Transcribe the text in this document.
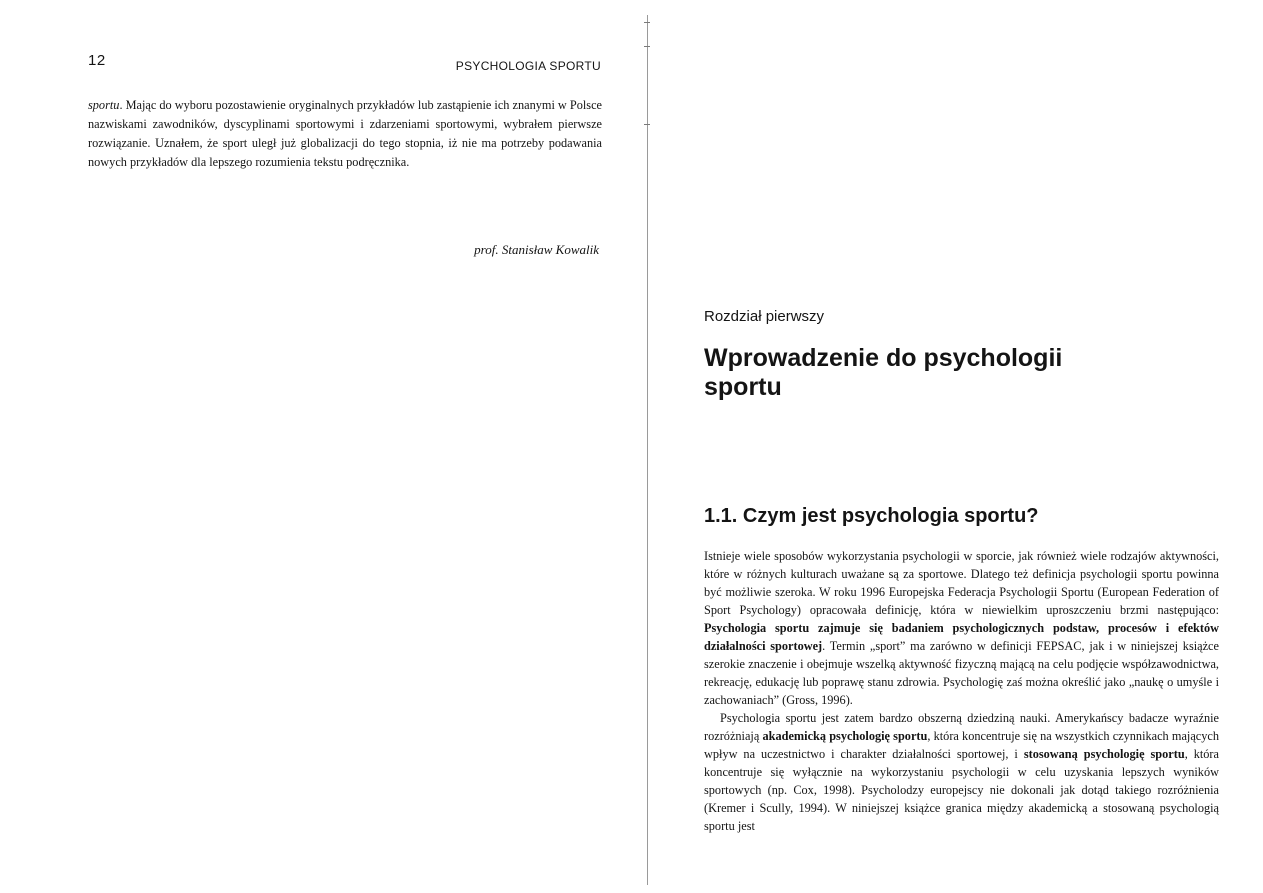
12	PSYCHOLOGIA SPORTU

sportu. Mając do wyboru pozostawienie oryginalnych przykładów lub zastąpienie ich znanymi w Polsce nazwiskami zawodników, dyscyplinami sportowymi i zdarzeniami sportowymi, wybrałem pierwsze rozwiązanie. Uznałem, że sport uległ już globalizacji do tego stopnia, iż nie ma potrzeby podawania nowych przykładów dla lepszego rozumienia tekstu podręcznika.

prof. Stanisław Kowalik
Rozdział pierwszy
Wprowadzenie do psychologii sportu
1.1. Czym jest psychologia sportu?

Istnieje wiele sposobów wykorzystania psychologii w sporcie, jak również wiele rodzajów aktywności, które w różnych kulturach uważane są za sportowe. Dlatego też definicja psychologii sportu powinna być możliwie szeroka. W roku 1996 Europejska Federacja Psychologii Sportu (European Federation of Sport Psychology) opracowała definicję, która w niewielkim uproszczeniu brzmi następująco: Psychologia sportu zajmuje się badaniem psychologicznych podstaw, procesów i efektów działalności sportowej. Termin „sport” ma zarówno w definicji FEPSAC, jak i w niniejszej książce szerokie znaczenie i obejmuje wszelką aktywność fizyczną mającą na celu podjęcie współzawodnictwa, rekreację, edukację lub poprawę stanu zdrowia. Psychologię zaś można określić jako „naukę o umyśle i zachowaniach” (Gross, 1996).

Psychologia sportu jest zatem bardzo obszerną dziedziną nauki. Amerykańscy badacze wyraźnie rozróżniają akademicką psychologię sportu, która koncentruje się na wszystkich czynnikach mających wpływ na uczestnictwo i charakter działalności sportowej, i stosowaną psychologię sportu, która koncentruje się wyłącznie na wykorzystaniu psychologii w celu uzyskania lepszych wyników sportowych (np. Cox, 1998). Psycholodzy europejscy nie dokonali jak dotąd takiego rozróżnienia (Kremer i Scully, 1994). W niniejszej książce granica między akademicką a stosowaną psychologią sportu jest
